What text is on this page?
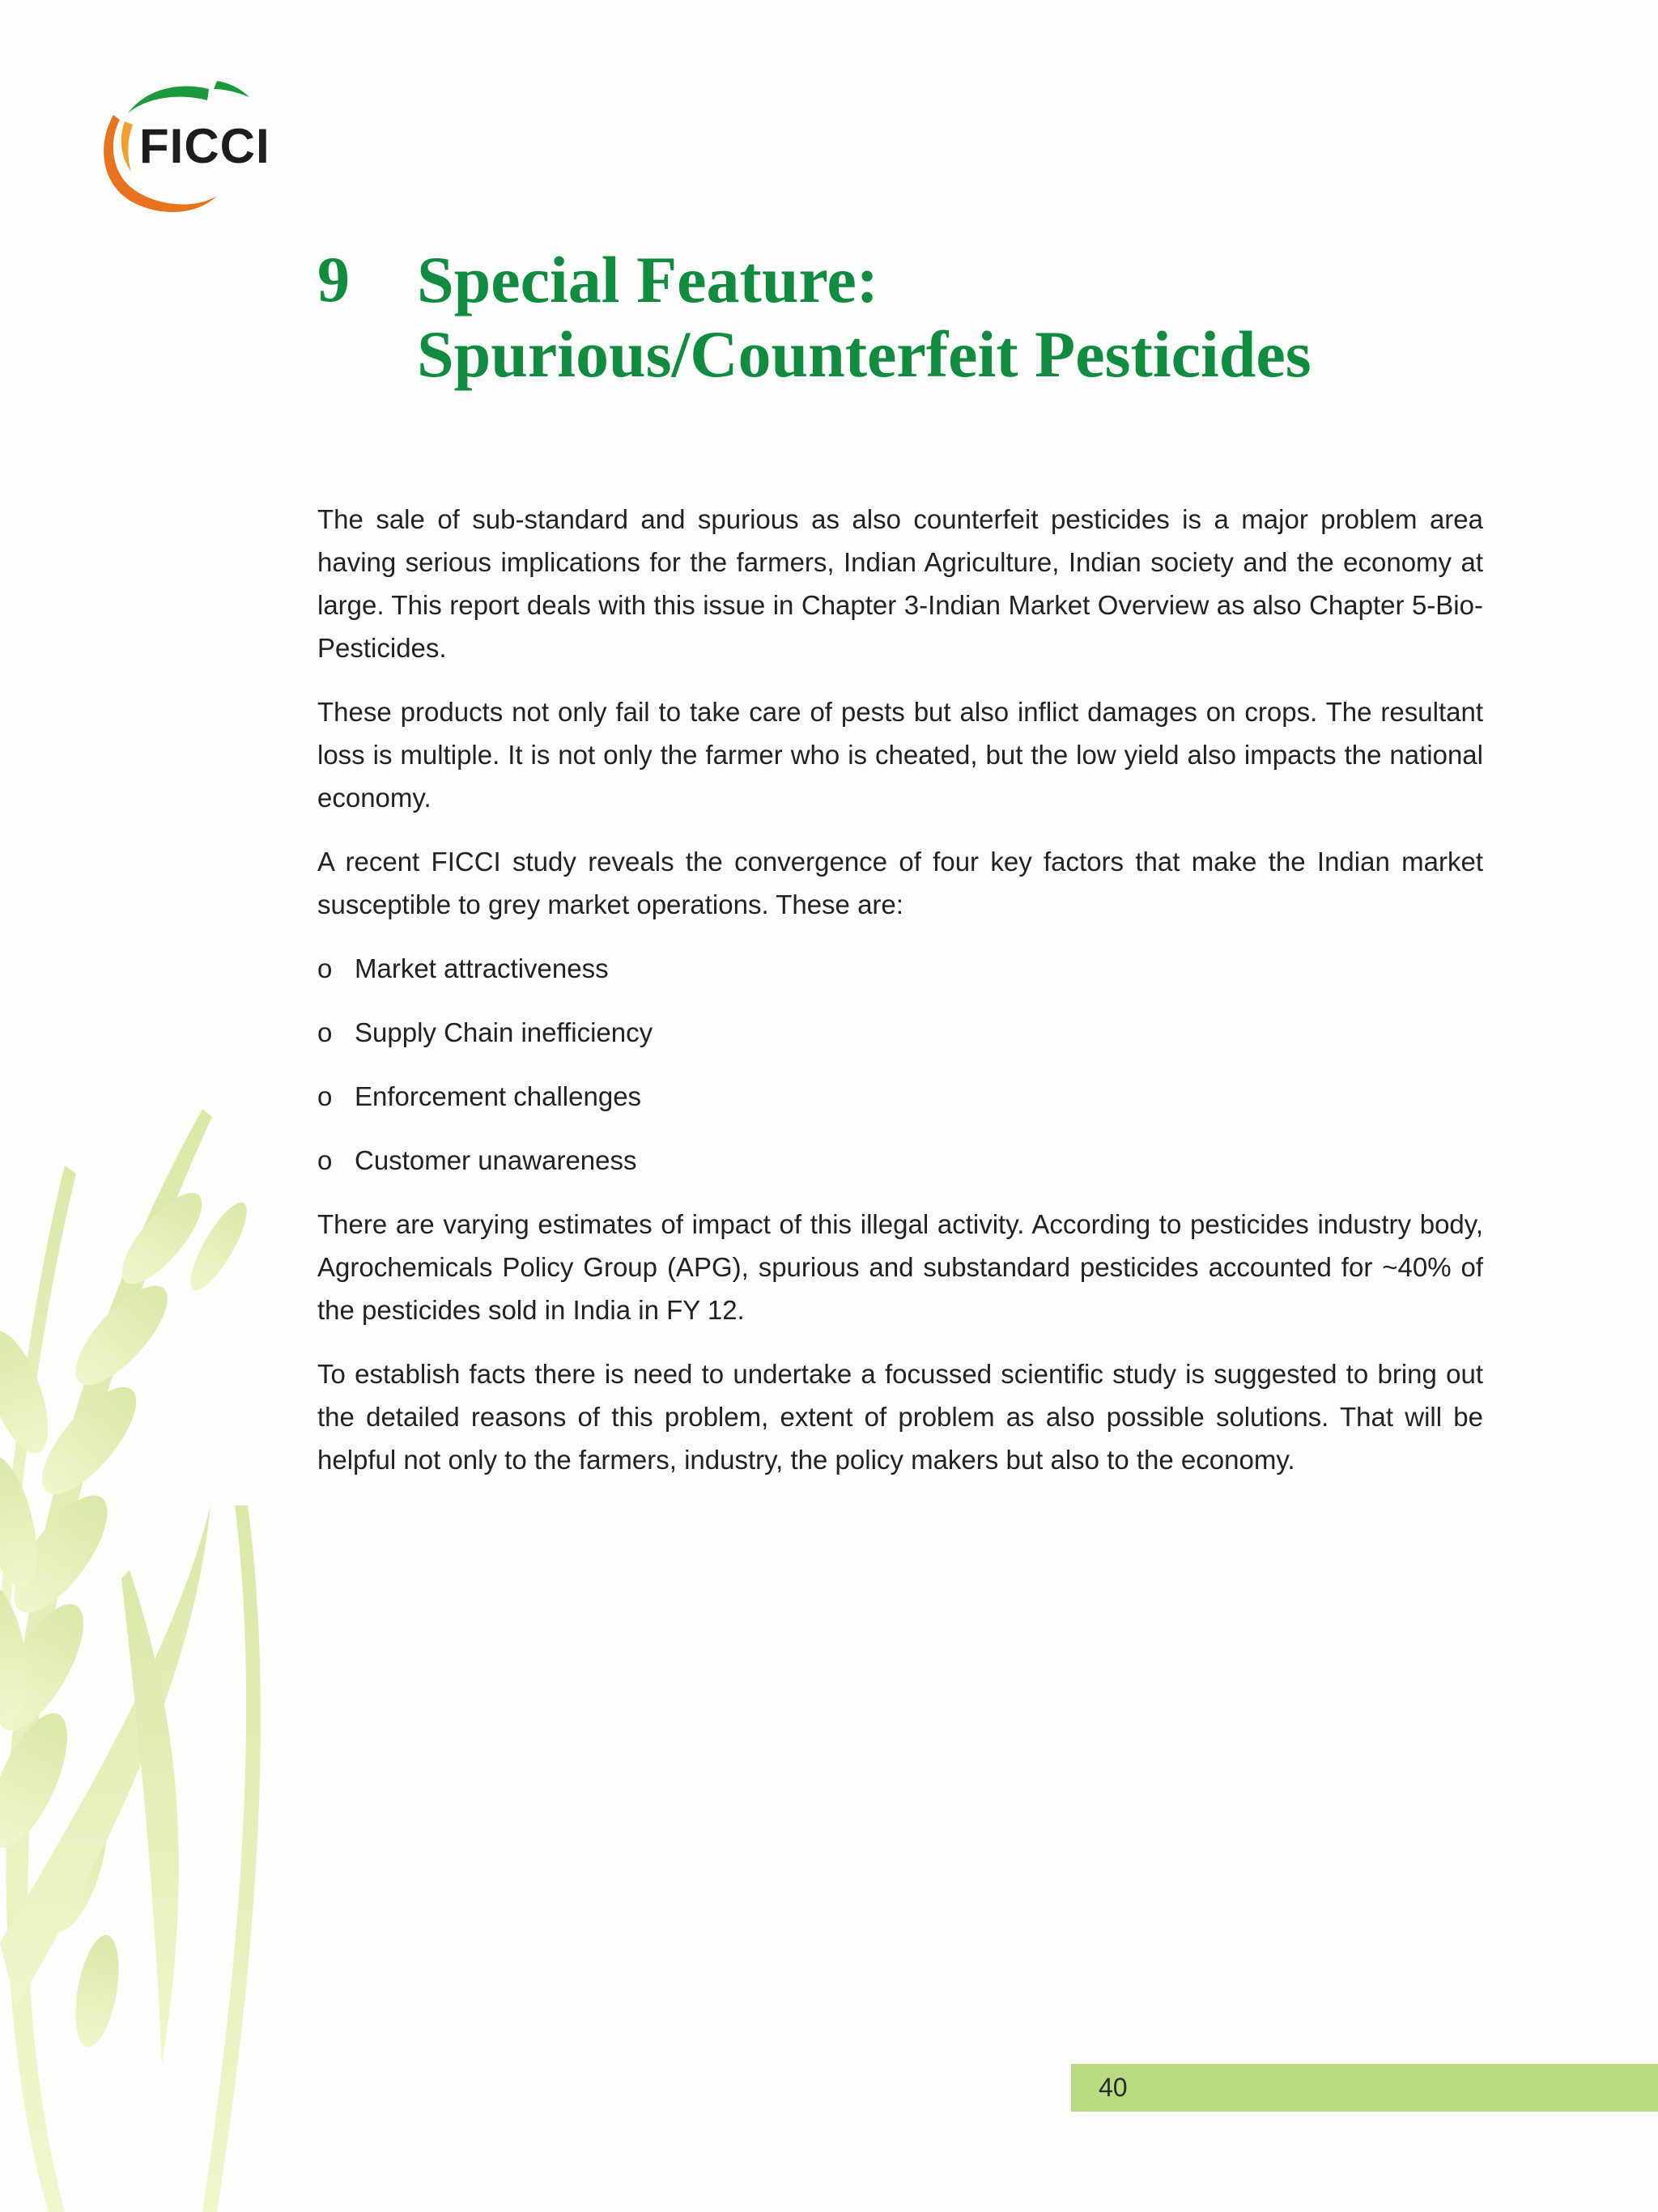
FICCI
9 Special Feature:
Spurious/Counterfeit Pesticides

The sale of sub-standard and spurious as also counterfeit pesticides is a major problem area having serious implications for the farmers, Indian Agriculture, Indian society and the economy at large. This report deals with this issue in Chapter 3-Indian Market Overview as also Chapter 5-Bio-Pesticides.

These products not only fail to take care of pests but also inflict damages on crops. The resultant loss is multiple. It is not only the farmer who is cheated, but the low yield also impacts the national economy.

A recent FICCI study reveals the convergence of four key factors that make the Indian market susceptible to grey market operations. These are:

o Market attractiveness
o Supply Chain inefficiency
o Enforcement challenges
o Customer unawareness

There are varying estimates of impact of this illegal activity. According to pesticides industry body, Agrochemicals Policy Group (APG), spurious and substandard pesticides accounted for ~40% of the pesticides sold in India in FY 12.

To establish facts there is need to undertake a focussed scientific study is suggested to bring out the detailed reasons of this problem, extent of problem as also possible solutions. That will be helpful not only to the farmers, industry, the policy makers but also to the economy.

40
